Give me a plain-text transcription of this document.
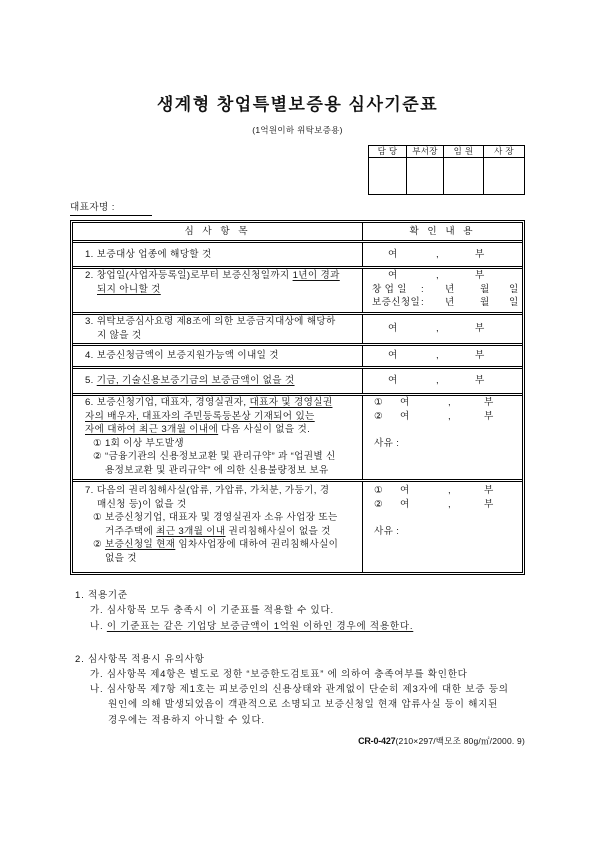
생계형 창업특별보증용 심사기준표
(1억원이하 위탁보증용)
담 당	부서장	임 원	사 장
대표자명 :
심 사 항 목	확 인 내 용
1. 보증대상 업종에 해당할 것	여	,	부
2. 창업일(사업자등록일)로부터 보증신청일까지 1년이 경과
되지 아니할 것
여	,	부
창 업 일 : 년	월 일
보증신청일 : 년	월 일
3. 위탁보증심사요령 제8조에 의한 보증금지대상에 해당하
지 않을 것
여	,	부
4. 보증신청금액이 보증지원가능액 이내일 것	여	,	부
5. 기금, 기술신용보증기금의 보증금액이 없을 것	여	,	부
6. 보증신청기업, 대표자, 경영실권자, 대표자 및 경영실권
자의 배우자, 대표자의 주민등록등본상 기재되어 있는
자에 대하여 최근 3개월 이내에 다음 사실이 없을 것.
① 1회 이상 부도발생
② “금융기관의 신용정보교환 및 관리규약” 과 “업권별 신
용정보교환 및 관리규약” 에 의한 신용불량정보 보유
① 여	,	부
② 여	,	부
사유 :
7. 다음의 권리침해사실(압류, 가압류, 가처분, 가등기, 경
매신청 등)이 없을 것
① 보증신청기업, 대표자 및 경영실권자 소유 사업장 또는
거주주택에 최근 3개월 이내 권리침해사실이 없을 것
② 보증신청일 현재 임차사업장에 대하여 권리침해사실이
없을 것
① 여	,	부
② 여	,	부
사유 :
1. 적용기준
가. 심사항목 모두 충족시 이 기준표를 적용할 수 있다.
나. 이 기준표는 같은 기업당 보증금액이 1억원 이하인 경우에 적용한다.
2. 심사항목 적용시 유의사항
가. 심사항목 제4항은 별도로 정한 “보증한도검토표” 에 의하여 충족여부를 확인한다
나. 심사항목 제7항 제1호는 피보증인의 신용상태와 관계없이 단순히 제3자에 대한 보증 등의
원인에 의해 발생되었음이 객관적으로 소명되고 보증신청일 현재 압류사실 등이 해지된
경우에는 적용하지 아니할 수 있다.
CR-0-427(210×297/백모조 80g/㎡/2000. 9)
